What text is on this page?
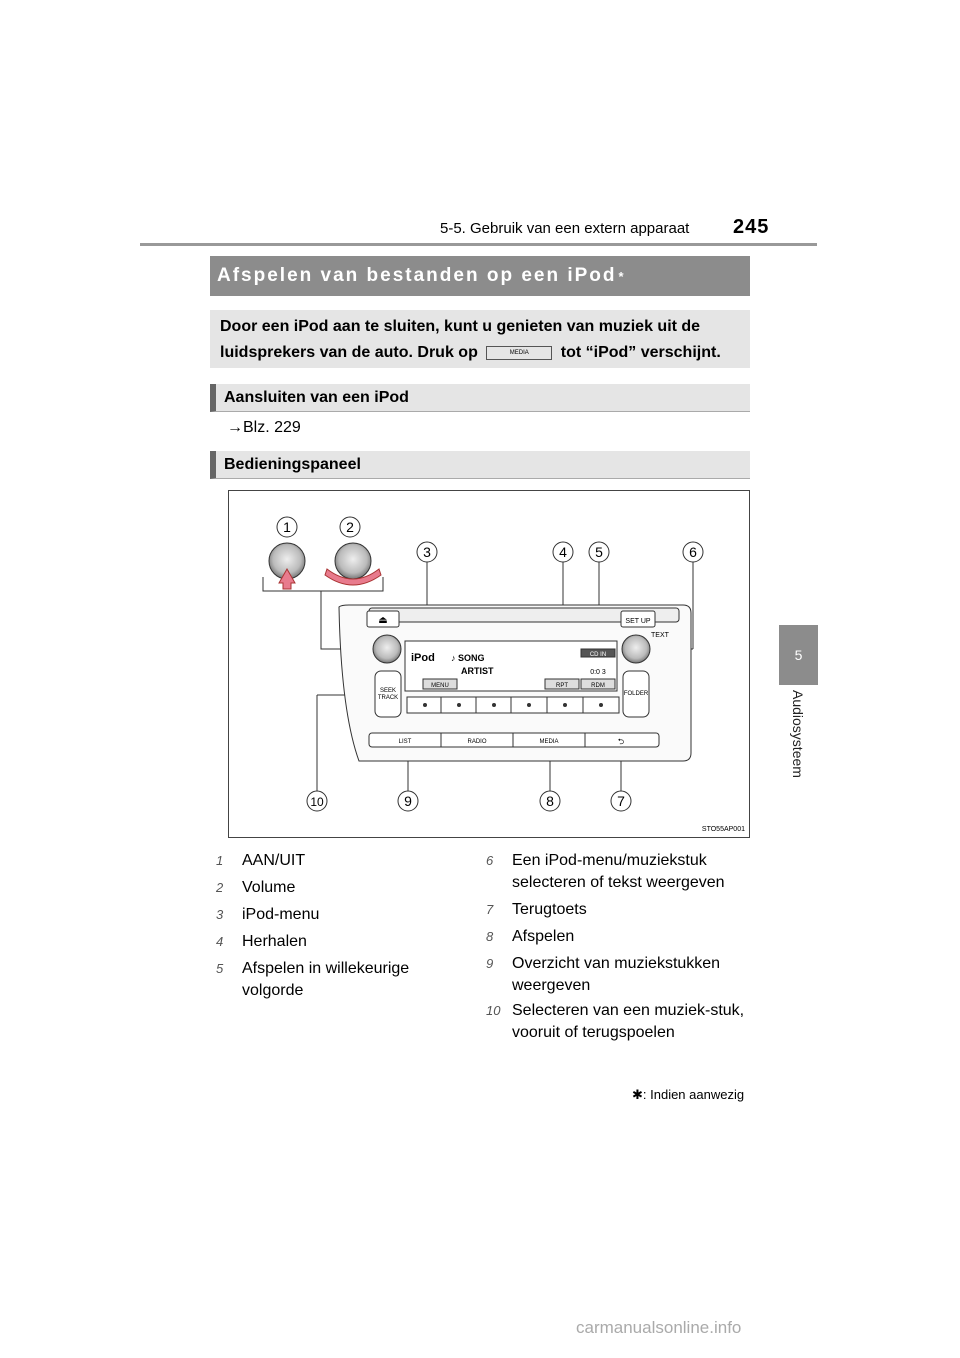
5-5. Gebruik van een extern apparaat 245
5
Audiosysteem
Afspelen van bestanden op een iPod *
Door een iPod aan te sluiten, kunt u genieten van muziek uit de
luidsprekers van de auto. Druk op	MEDIA tot “iPod” verschijnt.
Aansluiten van een iPod
→Blz. 229
Bedieningspaneel
1	2
3	4 5	6
7
8
9
10
⏏	SET UP
TEXT
iPod ♪ SONG
ARTIST
CD IN
0:0 3
MENU	RPT	RDM
SEEK
TRACK
FOLDER
LIST	RADIO	MEDIA	⮌
STO55AP001
1 AAN/UIT
2 Volume
3 iPod-menu
4 Herhalen
5 Afspelen in willekeurige volgorde
6 Een iPod-menu/muziekstuk selecteren of tekst weergeven
7 Terugtoets
8 Afspelen
9 Overzicht van muziekstukken weergeven
10 Selecteren van een muziek-stuk, vooruit of terugspoelen
✱: Indien aanwezig
carmanualsonline.info
